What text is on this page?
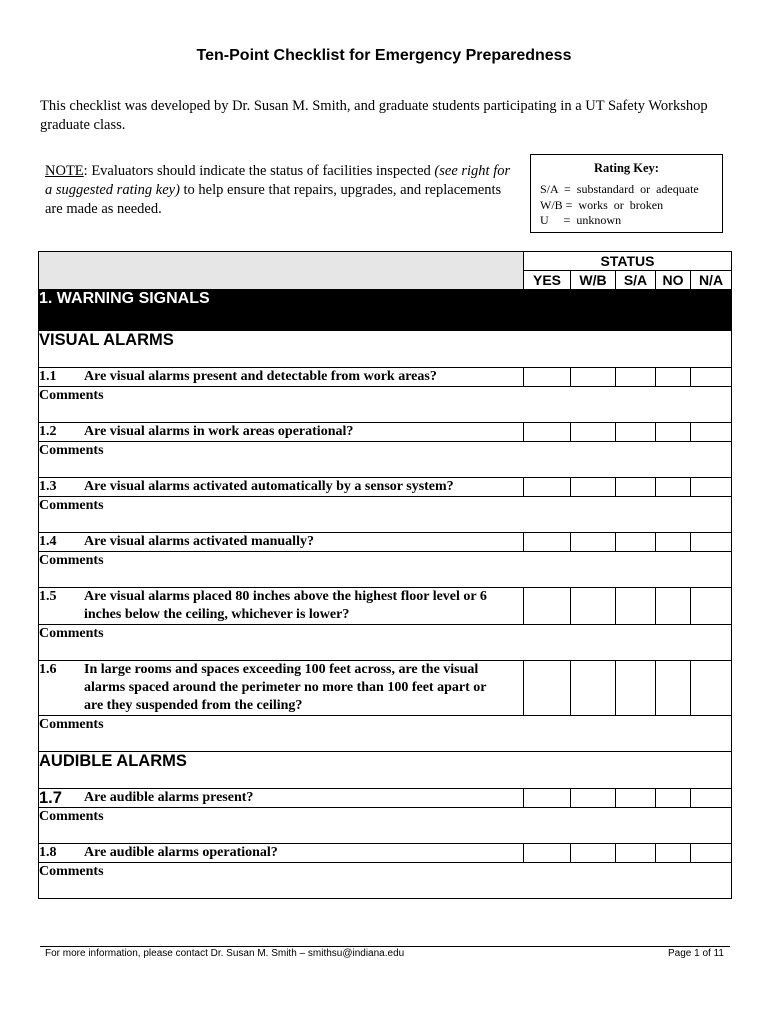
Ten-Point Checklist for Emergency Preparedness
This checklist was developed by Dr. Susan M. Smith, and graduate students participating in a UT Safety Workshop graduate class.
NOTE: Evaluators should indicate the status of facilities inspected (see right for a suggested rating key) to help ensure that repairs, upgrades, and replacements are made as needed.
Rating Key:
S/A  =  substandard  or  adequate
W/B =  works  or  broken
U     =  unknown
	STATUS				
	YES	W/B	S/A	NO	N/A
1. WARNING SIGNALS					
VISUAL ALARMS					
1.1 Are visual alarms present and detectable from work areas?					
Comments					
1.2 Are visual alarms in work areas operational?					
Comments					
1.3 Are visual alarms activated automatically by a sensor system?					
Comments					
1.4 Are visual alarms activated manually?					
Comments					
1.5 Are visual alarms placed 80 inches above the highest floor level or 6 inches below the ceiling, whichever is lower?					
Comments					
1.6 In large rooms and spaces exceeding 100 feet across, are the visual alarms spaced around the perimeter no more than 100 feet apart or are they suspended from the ceiling?					
Comments					
AUDIBLE ALARMS					
1.7 Are audible alarms present?					
Comments					
1.8 Are audible alarms operational?					
Comments					
For more information, please contact Dr. Susan M. Smith – smithsu@indiana.edu	Page 1 of 11
